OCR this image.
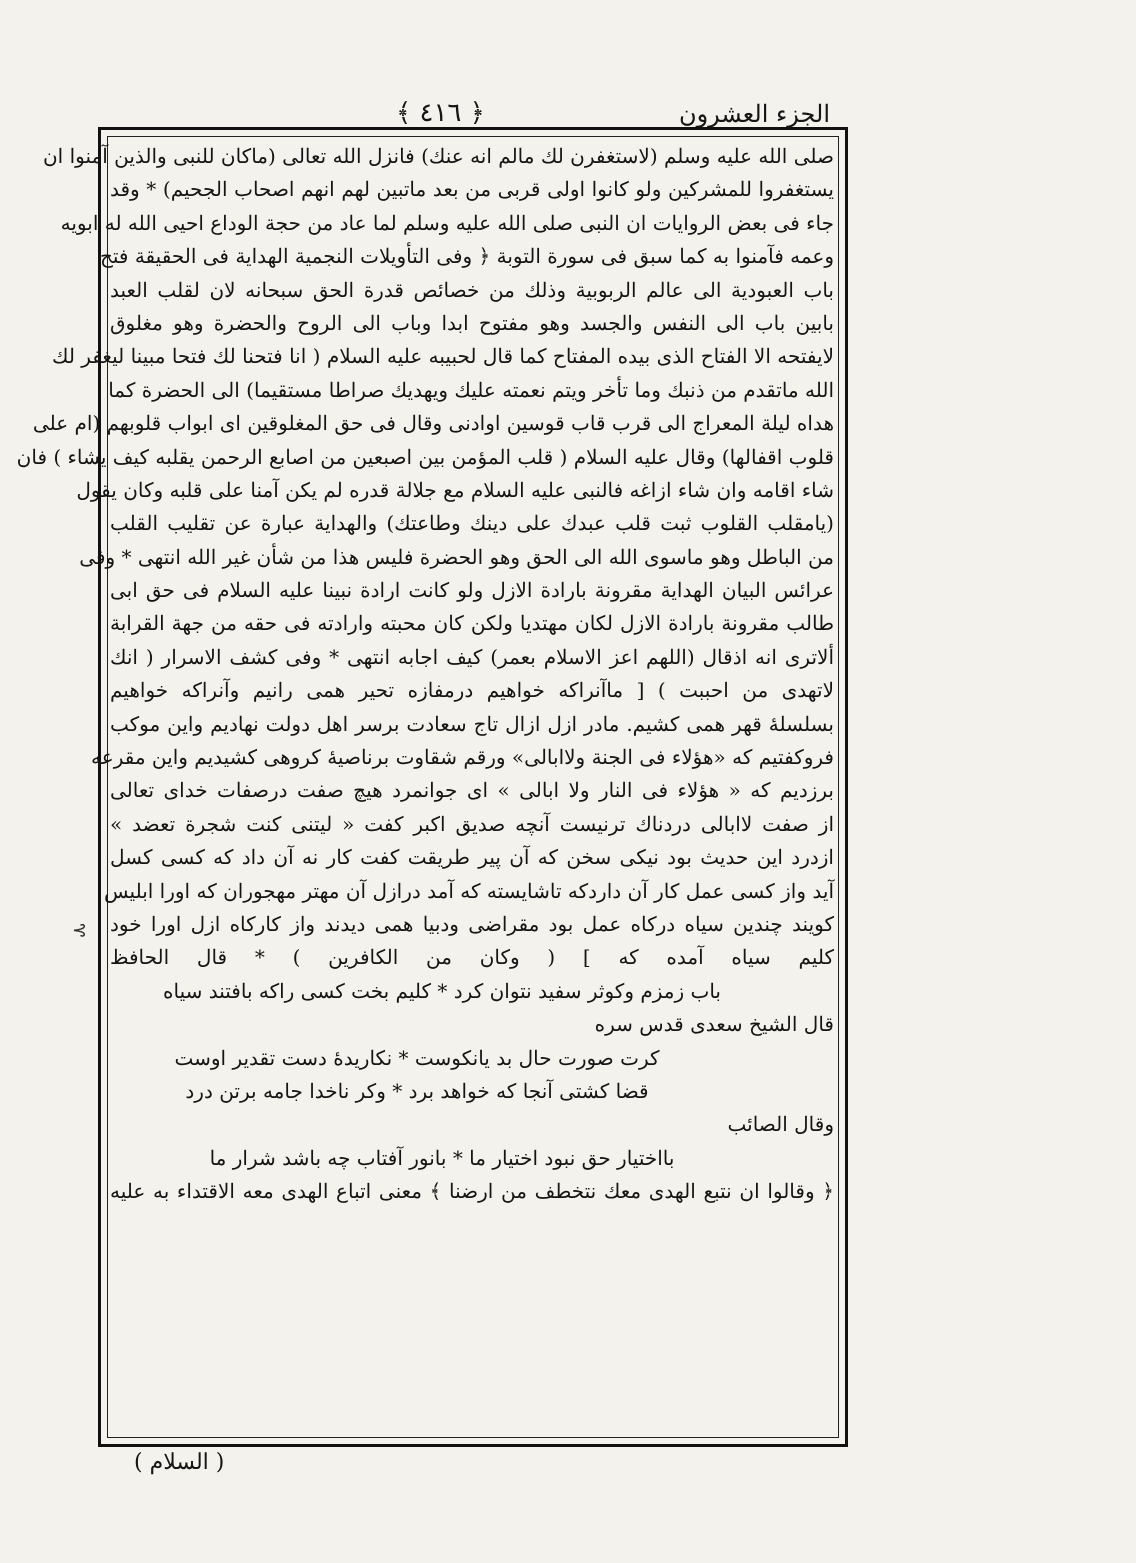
الجزء العشرون
﴿ ٤١٦ ﴾
صلى الله عليه وسلم (لاستغفرن لك مالم انه عنك) فانزل الله تعالى (ماكان للنبى والذين آمنوا ان
يستغفروا للمشركين ولو كانوا اولى قربى من بعد ماتبين لهم انهم اصحاب الجحيم) * وقد
جاء فى بعض الروايات ان النبى صلى الله عليه وسلم لما عاد من حجة الوداع احيى الله له ابويه
وعمه فآمنوا به كما سبق فى سورة التوبة ﴿ وفى التأويلات النجمية الهداية فى الحقيقة فتح
باب العبودية الى عالم الربوبية وذلك من خصائص قدرة الحق سبحانه لان لقلب العبد
بابين باب الى النفس والجسد وهو مفتوح ابدا وباب الى الروح والحضرة وهو مغلوق
لايفتحه الا الفتاح الذى بيده المفتاح كما قال لحبيبه عليه السلام ( انا فتحنا لك فتحا مبينا ليغفر لك
الله ماتقدم من ذنبك وما تأخر ويتم نعمته عليك ويهديك صراطا مستقيما) الى الحضرة كما
هداه ليلة المعراج الى قرب قاب قوسين اوادنى وقال فى حق المغلوقين اى ابواب قلوبهم (ام على
قلوب اقفالها) وقال عليه السلام ( قلب المؤمن بين اصبعين من اصابع الرحمن يقلبه كيف يشاء ) فان
شاء اقامه وان شاء ازاغه فالنبى عليه السلام مع جلالة قدره لم يكن آمنا على قلبه وكان يقول
(يامقلب القلوب ثبت قلب عبدك على دينك وطاعتك) والهداية عبارة عن تقليب القلب
من الباطل وهو ماسوى الله الى الحق وهو الحضرة فليس هذا من شأن غير الله انتهى * وفى
عرائس البيان الهداية مقرونة بارادة الازل ولو كانت ارادة نبينا عليه السلام فى حق ابى
طالب مقرونة بارادة الازل لكان مهتديا ولكن كان محبته وارادته فى حقه من جهة القرابة
ألاترى انه اذقال (اللهم اعز الاسلام بعمر) كيف اجابه انتهى * وفى كشف الاسرار ( انك
لاتهدى من احببت ) [ ماآنراكه خواهيم درمفازه تحير همى رانيم وآنراكه خواهيم
بسلسلهٔ قهر همى كشيم. مادر ازل ازال تاج سعادت برسر اهل دولت نهاديم واين موكب
فروكفتيم كه «هؤلاء فى الجنة ولاابالى» ورقم شقاوت برناصيهٔ كروهى كشيديم واين مقرعه
برزديم كه « هؤلاء فى النار ولا ابالى » اى جوانمرد هيچ صفت درصفات خداى تعالى
از صفت لاابالى دردناك ترنيست آنچه صديق اكبر كفت « ليتنى كنت شجرة تعضد »
ازدرد اين حديث بود نيكى سخن كه آن پير طريقت كفت كار نه آن داد كه كسى كسل
آيد واز كسى عمل كار آن داردكه تاشايسته كه آمد درازل آن مهتر مهجوران كه اورا ابليس
كويند چندين سياه دركاه عمل بود مقراضى ودبيا همى ديدند واز كاركاه ازل اورا خود
كليم سياه آمده كه ] ( وكان من الكافرين ) * قال الحافظ
باب زمزم وكوثر سفيد نتوان كرد * كليم بخت كسى راكه بافتند سياه
قال الشيخ سعدى قدس سره
كرت صورت حال بد يانكوست * نكاريدهٔ دست تقدير اوست
قضا كشتى آنجا كه خواهد برد * وكر ناخدا جامه برتن درد
وقال الصائب
بااختيار حق نبود اختيار ما * بانور آفتاب چه باشد شرار ما
﴿ وقالوا ان نتبع الهدى معك نتخطف من ارضنا ﴾ معنى اتباع الهدى معه الاقتداء به عليه
( السلام )
⊰
